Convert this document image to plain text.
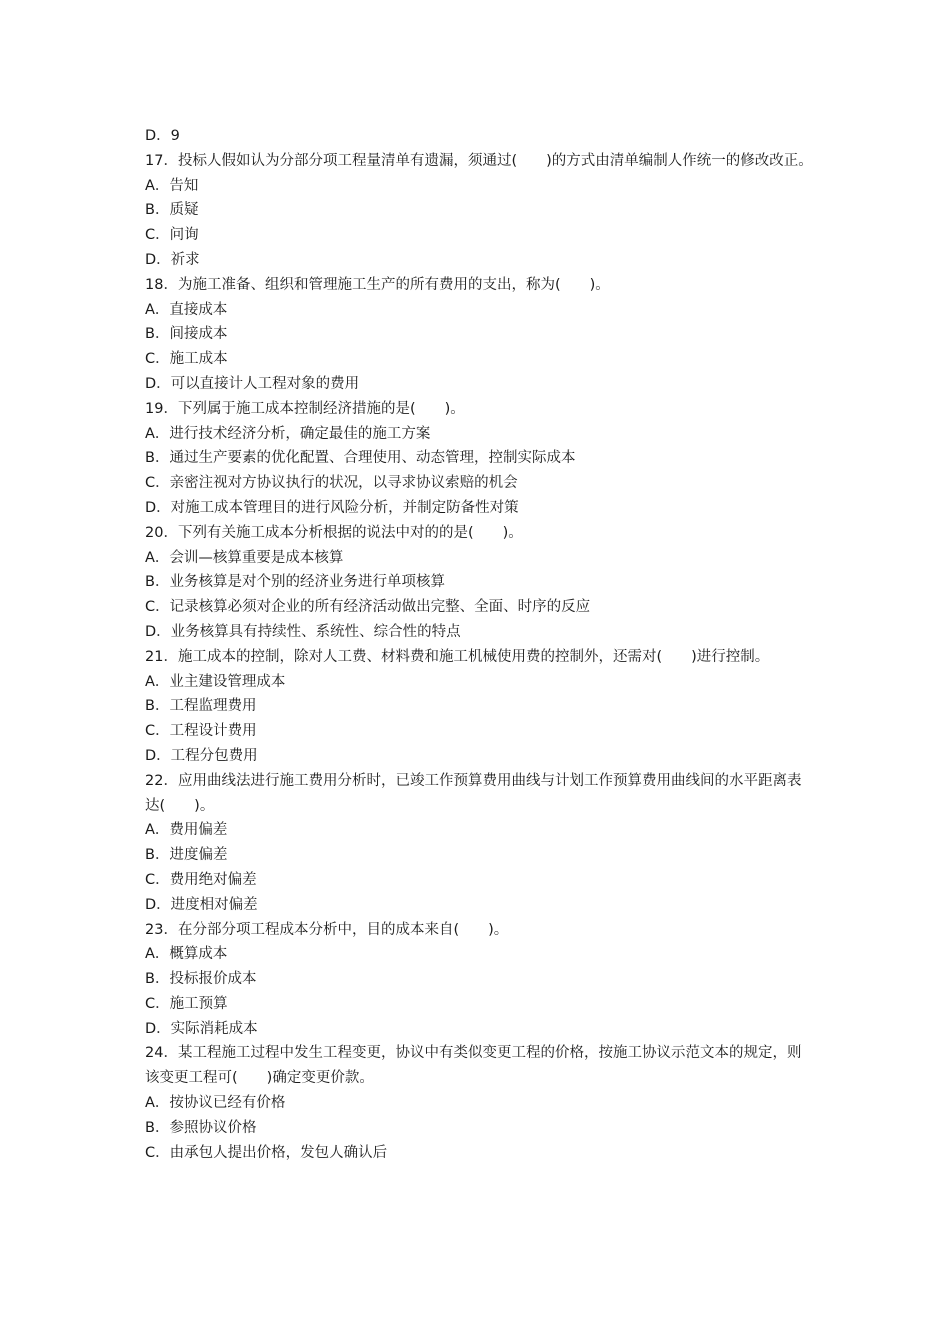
D．9
17．投标人假如认为分部分项工程量清单有遗漏，须通过(　　)的方式由清单编制人作统一的修改改正。
A．告知
B．质疑
C．问询
D．祈求
18．为施工准备、组织和管理施工生产的所有费用的支出，称为(　　)。
A．直接成本
B．间接成本
C．施工成本
D．可以直接计人工程对象的费用
19．下列属于施工成本控制经济措施的是(　　)。
A．进行技术经济分析，确定最佳的施工方案
B．通过生产要素的优化配置、合理使用、动态管理，控制实际成本
C．亲密注视对方协议执行的状况，以寻求协议索赔的机会
D．对施工成本管理目的进行风险分析，并制定防备性对策
20．下列有关施工成本分析根据的说法中对的的是(　　)。
A．会训—核算重要是成本核算
B．业务核算是对个别的经济业务进行单项核算
C．记录核算必须对企业的所有经济活动做出完整、全面、时序的反应
D．业务核算具有持续性、系统性、综合性的特点
21．施工成本的控制，除对人工费、材料费和施工机械使用费的控制外，还需对(　　)进行控制。
A．业主建设管理成本
B．工程监理费用
C．工程设计费用
D．工程分包费用
22．应用曲线法进行施工费用分析时，已竣工作预算费用曲线与计划工作预算费用曲线间的水平距离表达(　　)。
A．费用偏差
B．进度偏差
C．费用绝对偏差
D．进度相对偏差
23．在分部分项工程成本分析中，目的成本来自(　　)。
A．概算成本
B．投标报价成本
C．施工预算
D．实际消耗成本
24．某工程施工过程中发生工程变更，协议中有类似变更工程的价格，按施工协议示范文本的规定，则该变更工程可(　　)确定变更价款。
A．按协议已经有价格
B．参照协议价格
C．由承包人提出价格，发包人确认后
